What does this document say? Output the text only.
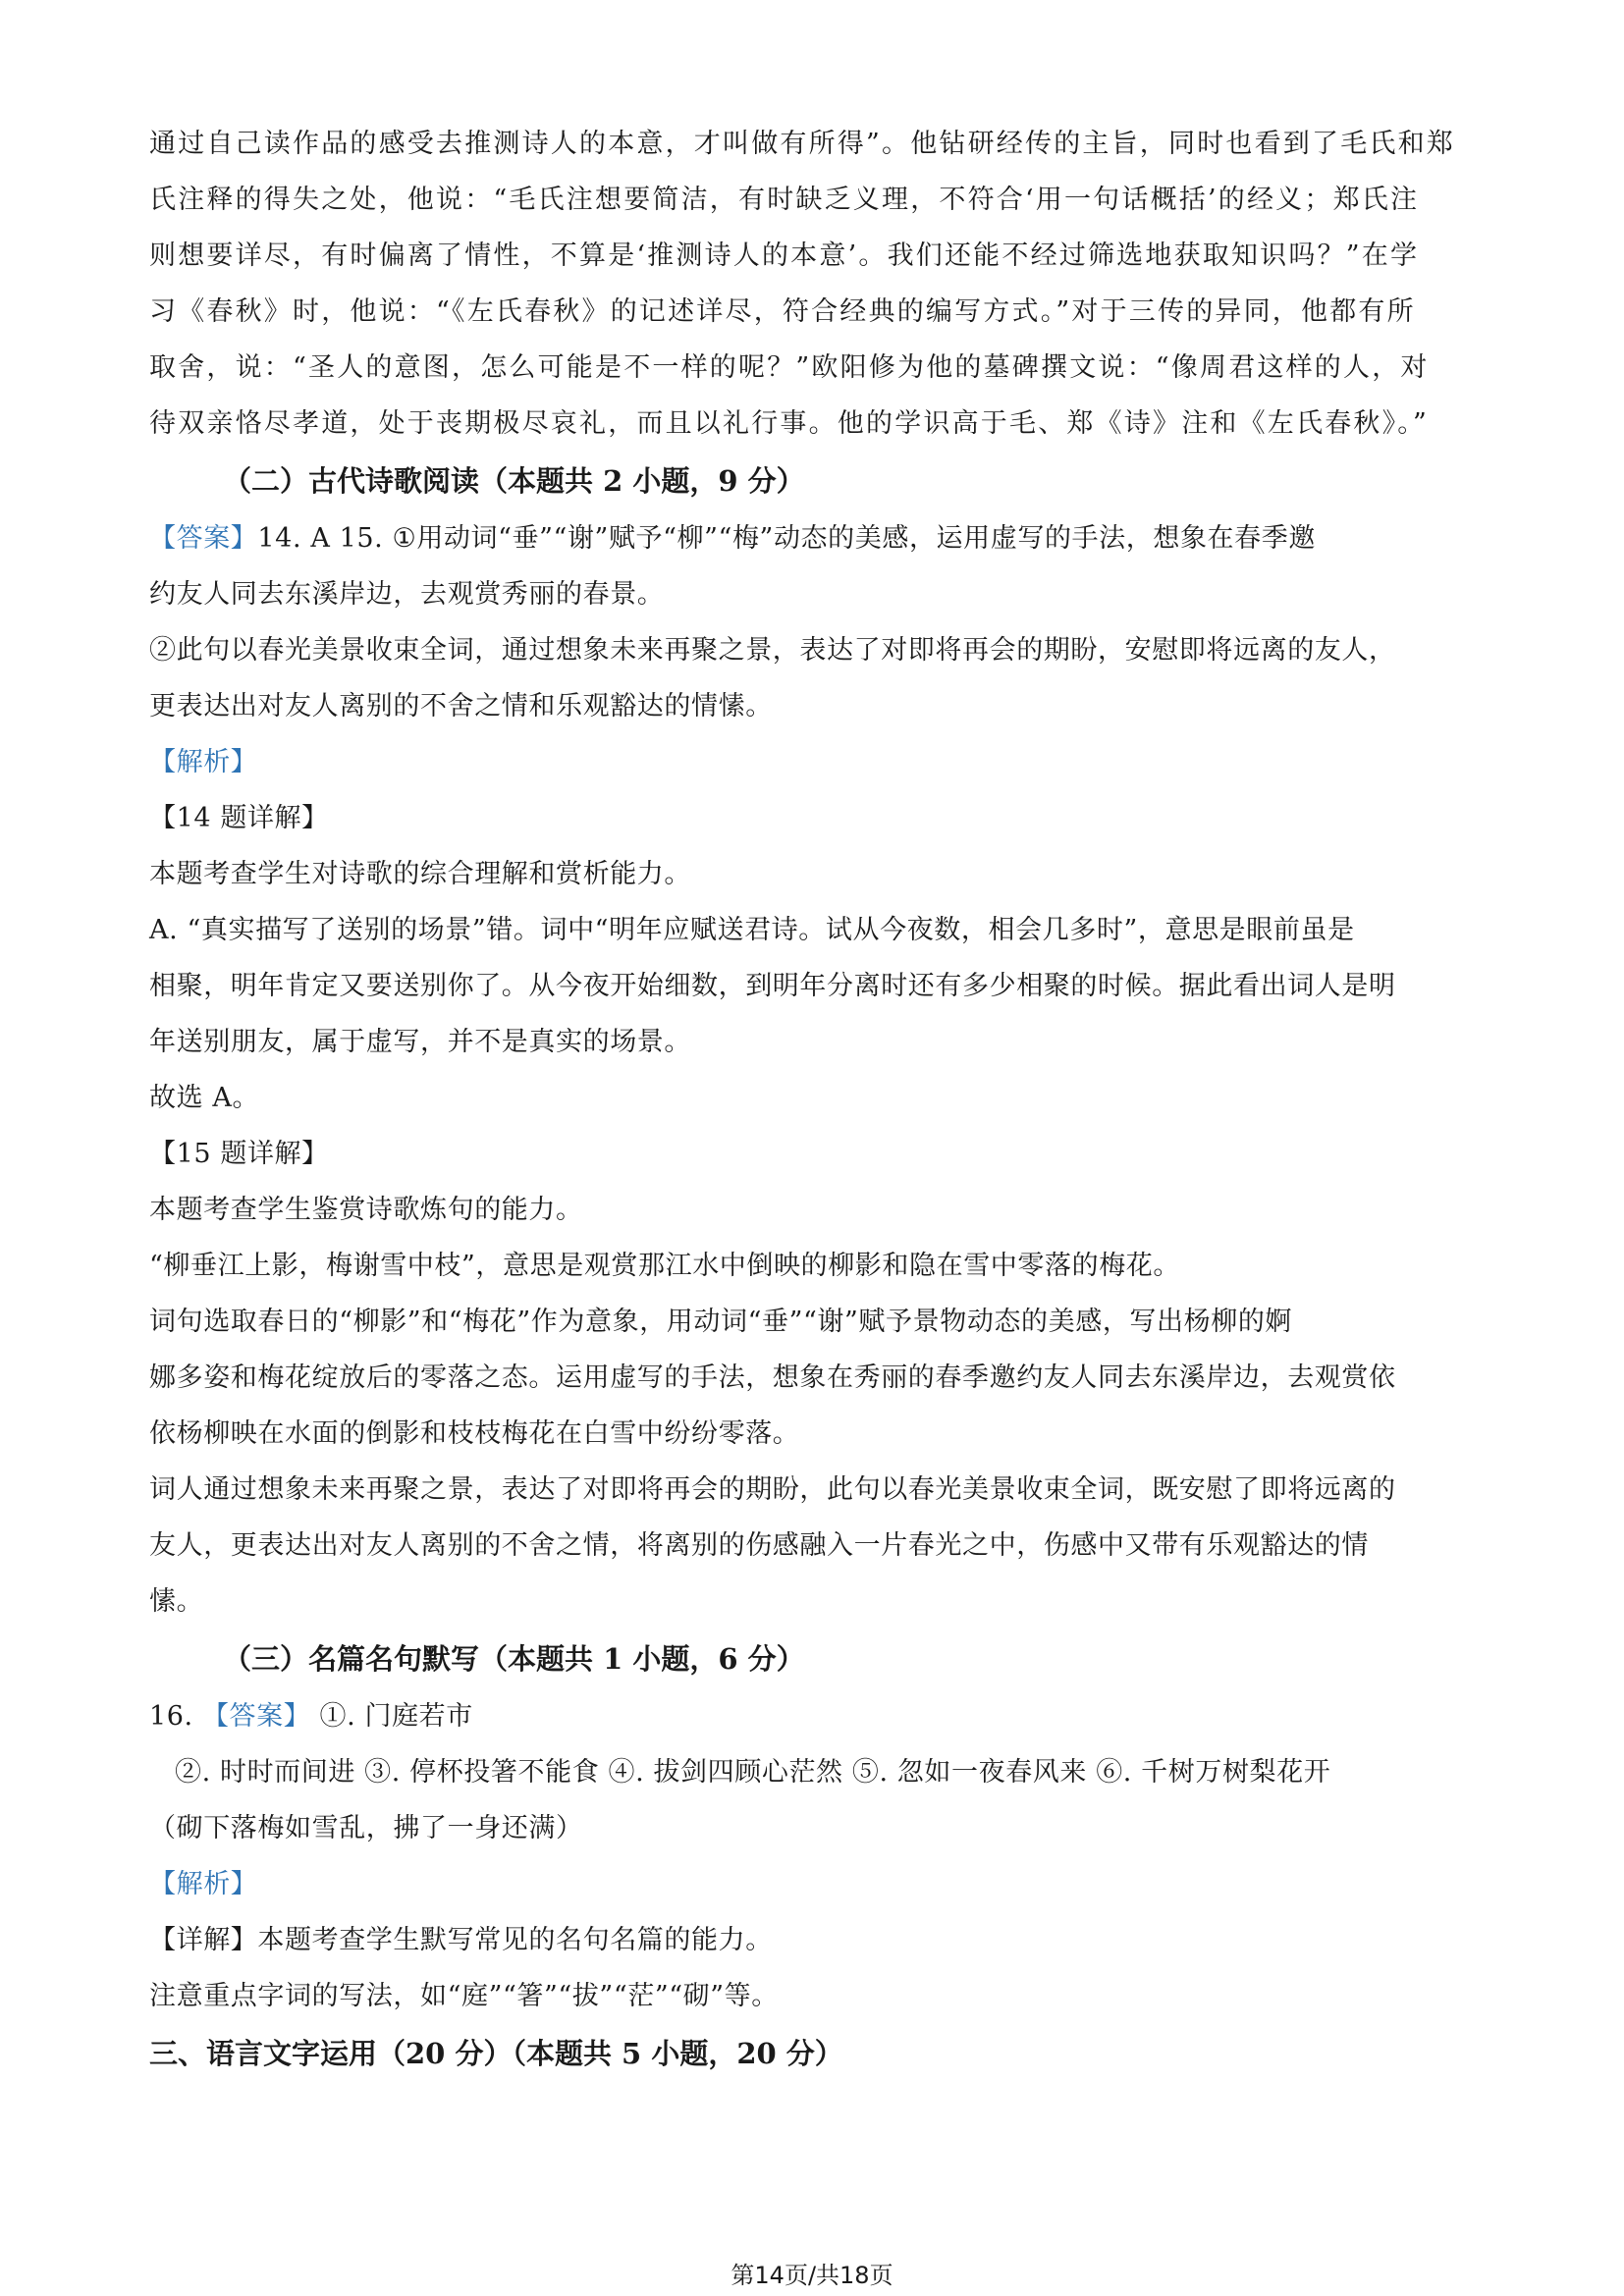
通过自己读作品的感受去推测诗人的本意，才叫做有所得”。他钻研经传的主旨，同时也看到了毛氏和郑

氏注释的得失之处，他说：“毛氏注想要简洁，有时缺乏义理，不符合‘用一句话概括’的经义；郑氏注

则想要详尽，有时偏离了情性，不算是‘推测诗人的本意’。我们还能不经过筛选地获取知识吗？”在学

习《春秋》时，他说：“《左氏春秋》的记述详尽，符合经典的编写方式。”对于三传的异同，他都有所

取舍，说：“圣人的意图，怎么可能是不一样的呢？”欧阳修为他的墓碑撰文说：“像周君这样的人，对

待双亲恪尽孝道，处于丧期极尽哀礼，而且以礼行事。他的学识高于毛、郑《诗》注和《左氏春秋》。”

（二）古代诗歌阅读（本题共 2 小题，9 分）

【答案】14. A 15. ①用动词“垂”“谢”赋予“柳”“梅”动态的美感，运用虚写的手法，想象在春季邀

约友人同去东溪岸边，去观赏秀丽的春景。

②此句以春光美景收束全词，通过想象未来再聚之景，表达了对即将再会的期盼，安慰即将远离的友人，

更表达出对友人离别的不舍之情和乐观豁达的情愫。

【解析】

【14 题详解】

本题考查学生对诗歌的综合理解和赏析能力。

A. “真实描写了送别的场景”错。词中“明年应赋送君诗。试从今夜数，相会几多时”，意思是眼前虽是

相聚，明年肯定又要送别你了。从今夜开始细数，到明年分离时还有多少相聚的时候。据此看出词人是明

年送别朋友，属于虚写，并不是真实的场景。

故选 A。

【15 题详解】

本题考查学生鉴赏诗歌炼句的能力。

“柳垂江上影，梅谢雪中枝”，意思是观赏那江水中倒映的柳影和隐在雪中零落的梅花。

词句选取春日的“柳影”和“梅花”作为意象，用动词“垂”“谢”赋予景物动态的美感，写出杨柳的婀

娜多姿和梅花绽放后的零落之态。运用虚写的手法，想象在秀丽的春季邀约友人同去东溪岸边，去观赏依

依杨柳映在水面的倒影和枝枝梅花在白雪中纷纷零落。

词人通过想象未来再聚之景，表达了对即将再会的期盼，此句以春光美景收束全词，既安慰了即将远离的

友人，更表达出对友人离别的不舍之情，将离别的伤感融入一片春光之中，伤感中又带有乐观豁达的情

愫。

（三）名篇名句默写（本题共 1 小题，6 分）

16. 【答案】 ①. 门庭若市

②. 时时而间进 ③. 停杯投箸不能食 ④. 拔剑四顾心茫然 ⑤. 忽如一夜春风来 ⑥. 千树万树梨花开

（砌下落梅如雪乱，拂了一身还满）

【解析】

【详解】本题考查学生默写常见的名句名篇的能力。

注意重点字词的写法，如“庭”“箸”“拔”“茫”“砌”等。

三、语言文字运用（20 分）（本题共 5 小题，20 分）

第14页/共18页
